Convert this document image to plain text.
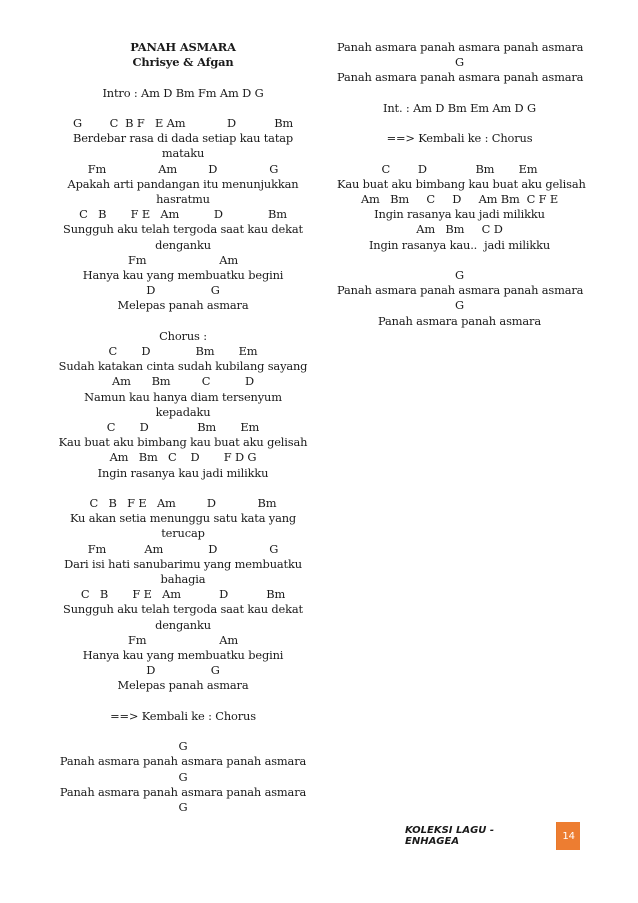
PANAH ASMARA
Chrisye & Afgan
Intro : Am D Bm Fm Am D G
G        C  B F   E Am            D           Bm
Berdebar rasa di dada setiap kau tatap
mataku
Fm               Am         D               G
Apakah arti pandangan itu menunjukkan
hasratmu
C   B       F E   Am          D             Bm
Sungguh aku telah tergoda saat kau dekat
denganku
Fm                     Am
Hanya kau yang membuatku begini
D                G
Melepas panah asmara
Chorus :
C       D             Bm       Em
Sudah katakan cinta sudah kubilang sayang
Am      Bm         C          D
Namun kau hanya diam tersenyum
kepadaku
C       D              Bm       Em
Kau buat aku bimbang kau buat aku gelisah
Am   Bm   C    D       F D G
Ingin rasanya kau jadi milikku
C   B   F E   Am         D            Bm
Ku akan setia menunggu satu kata yang
terucap
Fm           Am             D               G
Dari isi hati sanubarimu yang membuatku
bahagia
C   B       F E   Am           D           Bm
Sungguh aku telah tergoda saat kau dekat
denganku
Fm                     Am
Hanya kau yang membuatku begini
D                G
Melepas panah asmara
==> Kembali ke : Chorus
G
Panah asmara panah asmara panah asmara
G
Panah asmara panah asmara panah asmara
G
Panah asmara panah asmara panah asmara
G
Panah asmara panah asmara panah asmara
Int. : Am D Bm Em Am D G
==> Kembali ke : Chorus
C        D              Bm       Em
Kau buat aku bimbang kau buat aku gelisah
Am   Bm     C     D     Am Bm  C F E
Ingin rasanya kau jadi milikku
Am   Bm     C D
Ingin rasanya kau..  jadi milikku
G
Panah asmara panah asmara panah asmara
G
Panah asmara panah asmara
KOLEKSI LAGU - ENHAGEA	14
